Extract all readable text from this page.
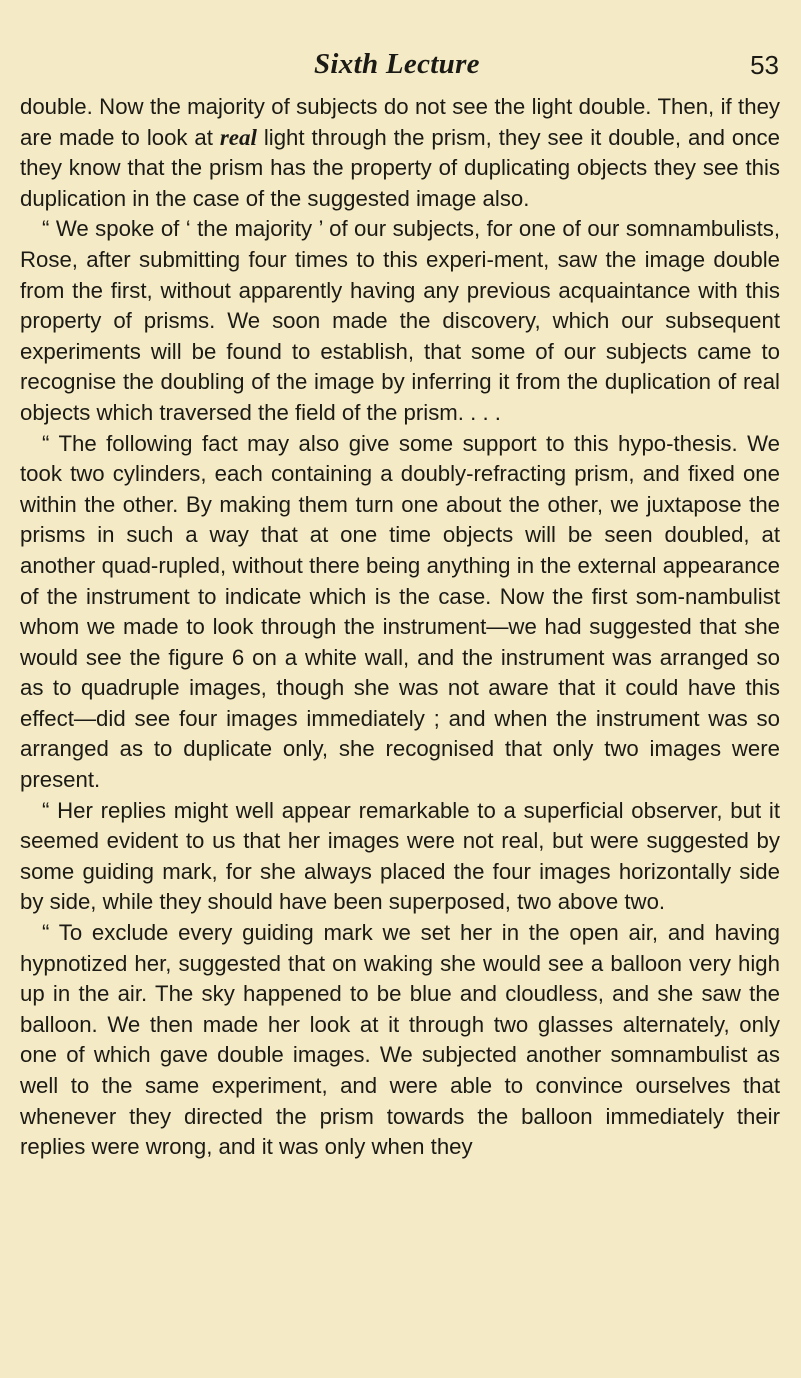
Sixth Lecture	53

double. Now the majority of subjects do not see the light double. Then, if they are made to look at real light through the prism, they see it double, and once they know that the prism has the property of duplicating objects they see this duplication in the case of the suggested image also.

“ We spoke of ‘ the majority ’ of our subjects, for one of our somnambulists, Rose, after submitting four times to this experi-ment, saw the image double from the first, without apparently having any previous acquaintance with this property of prisms. We soon made the discovery, which our subsequent experiments will be found to establish, that some of our subjects came to recognise the doubling of the image by inferring it from the duplication of real objects which traversed the field of the prism. . . .

“ The following fact may also give some support to this hypo-thesis. We took two cylinders, each containing a doubly-refracting prism, and fixed one within the other. By making them turn one about the other, we juxtapose the prisms in such a way that at one time objects will be seen doubled, at another quad-rupled, without there being anything in the external appearance of the instrument to indicate which is the case. Now the first som-nambulist whom we made to look through the instrument—we had suggested that she would see the figure 6 on a white wall, and the instrument was arranged so as to quadruple images, though she was not aware that it could have this effect—did see four images immediately ; and when the instrument was so arranged as to duplicate only, she recognised that only two images were present.

“ Her replies might well appear remarkable to a superficial observer, but it seemed evident to us that her images were not real, but were suggested by some guiding mark, for she always placed the four images horizontally side by side, while they should have been superposed, two above two.

“ To exclude every guiding mark we set her in the open air, and having hypnotized her, suggested that on waking she would see a balloon very high up in the air. The sky happened to be blue and cloudless, and she saw the balloon. We then made her look at it through two glasses alternately, only one of which gave double images. We subjected another somnambulist as well to the same experiment, and were able to convince ourselves that whenever they directed the prism towards the balloon immediately their replies were wrong, and it was only when they
